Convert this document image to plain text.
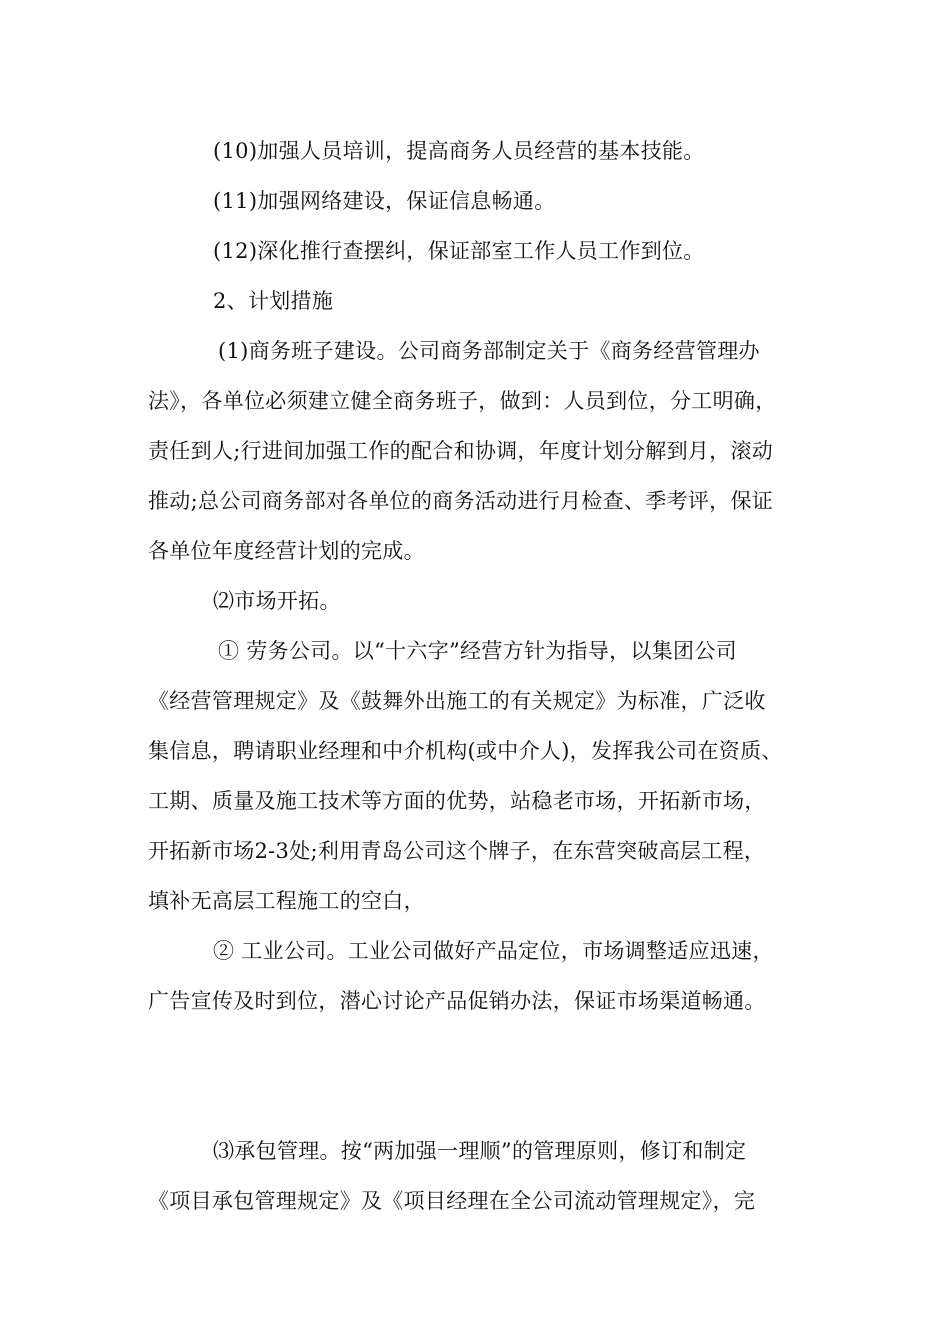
(10)加强人员培训，提高商务人员经营的基本技能。
(11)加强网络建设，保证信息畅通。
(12)深化推行查摆纠，保证部室工作人员工作到位。
2、计划措施
(1)商务班子建设。公司商务部制定关于《商务经营管理办
法》，各单位必须建立健全商务班子，做到：人员到位，分工明确，
责任到人;行进间加强工作的配合和协调，年度计划分解到月，滚动
推动;总公司商务部对各单位的商务活动进行月检查、季考评，保证
各单位年度经营计划的完成。
⑵市场开拓。
① 劳务公司。以“十六字”经营方针为指导，以集团公司
《经营管理规定》及《鼓舞外出施工的有关规定》为标准，广泛收
集信息，聘请职业经理和中介机构(或中介人)，发挥我公司在资质、
工期、质量及施工技术等方面的优势，站稳老市场，开拓新市场，
开拓新市场2-3处;利用青岛公司这个牌子，在东营突破高层工程，
填补无高层工程施工的空白，
② 工业公司。工业公司做好产品定位，市场调整适应迅速，
广告宣传及时到位，潜心讨论产品促销办法，保证市场渠道畅通。
⑶承包管理。按“两加强一理顺”的管理原则，修订和制定
《项目承包管理规定》及《项目经理在全公司流动管理规定》，完
